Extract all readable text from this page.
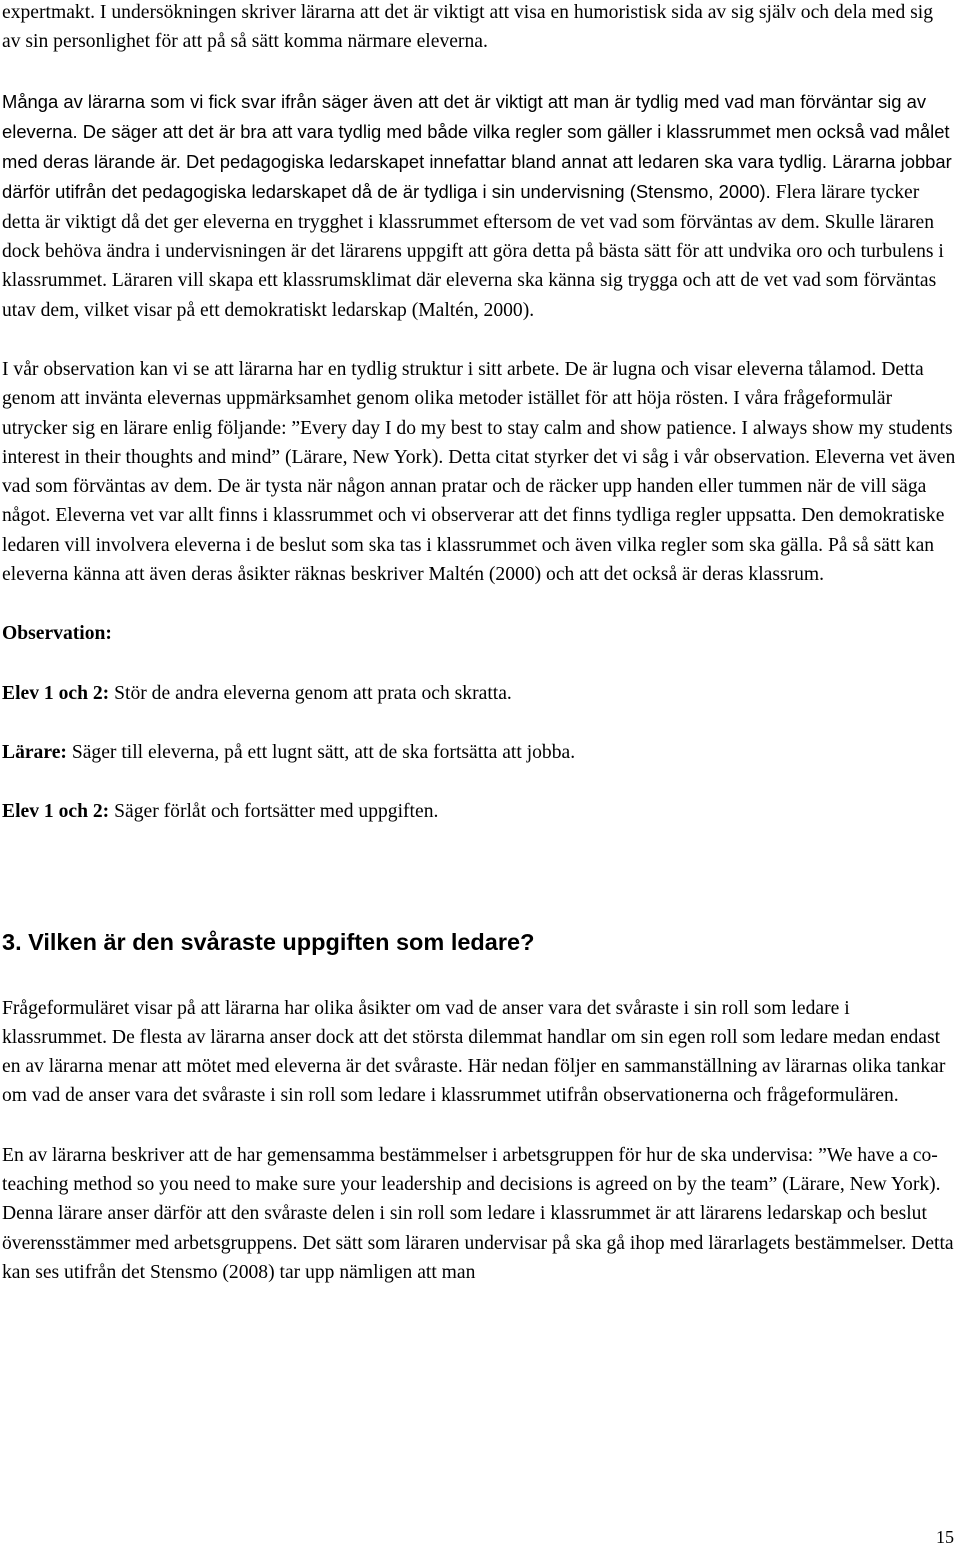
expertmakt. I undersökningen skriver lärarna att det är viktigt att visa en humoristisk sida av sig själv och dela med sig av sin personlighet för att på så sätt komma närmare eleverna.

Många av lärarna som vi fick svar ifrån säger även att det är viktigt att man är tydlig med vad man förväntar sig av eleverna. De säger att det är bra att vara tydlig med både vilka regler som gäller i klassrummet men också vad målet med deras lärande är. Det pedagogiska ledarskapet innefattar bland annat att ledaren ska vara tydlig. Lärarna jobbar därför utifrån det pedagogiska ledarskapet då de är tydliga i sin undervisning (Stensmo, 2000). Flera lärare tycker detta är viktigt då det ger eleverna en trygghet i klassrummet eftersom de vet vad som förväntas av dem. Skulle läraren dock behöva ändra i undervisningen är det lärarens uppgift att göra detta på bästa sätt för att undvika oro och turbulens i klassrummet. Läraren vill skapa ett klassrumsklimat där eleverna ska känna sig trygga och att de vet vad som förväntas utav dem, vilket visar på ett demokratiskt ledarskap (Maltén, 2000).

I vår observation kan vi se att lärarna har en tydlig struktur i sitt arbete. De är lugna och visar eleverna tålamod. Detta genom att invänta elevernas uppmärksamhet genom olika metoder istället för att höja rösten. I våra frågeformulär utrycker sig en lärare enlig följande: ”Every day I do my best to stay calm and show patience. I always show my students interest in their thoughts and mind” (Lärare, New York). Detta citat styrker det vi såg i vår observation. Eleverna vet även vad som förväntas av dem. De är tysta när någon annan pratar och de räcker upp handen eller tummen när de vill säga något. Eleverna vet var allt finns i klassrummet och vi observerar att det finns tydliga regler uppsatta. Den demokratiske ledaren vill involvera eleverna i de beslut som ska tas i klassrummet och även vilka regler som ska gälla. På så sätt kan eleverna känna att även deras åsikter räknas beskriver Maltén (2000) och att det också är deras klassrum.

Observation:

Elev 1 och 2: Stör de andra eleverna genom att prata och skratta.

Lärare: Säger till eleverna, på ett lugnt sätt, att de ska fortsätta att jobba.

Elev 1 och 2: Säger förlåt och fortsätter med uppgiften.

3. Vilken är den svåraste uppgiften som ledare?

Frågeformuläret visar på att lärarna har olika åsikter om vad de anser vara det svåraste i sin roll som ledare i klassrummet. De flesta av lärarna anser dock att det största dilemmat handlar om sin egen roll som ledare medan endast en av lärarna menar att mötet med eleverna är det svåraste. Här nedan följer en sammanställning av lärarnas olika tankar om vad de anser vara det svåraste i sin roll som ledare i klassrummet utifrån observationerna och frågeformulären.

En av lärarna beskriver att de har gemensamma bestämmelser i arbetsgruppen för hur de ska undervisa: ”We have a co-teaching method so you need to make sure your leadership and decisions is agreed on by the team” (Lärare, New York). Denna lärare anser därför att den svåraste delen i sin roll som ledare i klassrummet är att lärarens ledarskap och beslut överensstämmer med arbetsgruppens. Det sätt som läraren undervisar på ska gå ihop med lärarlagets bestämmelser. Detta kan ses utifrån det Stensmo (2008) tar upp nämligen att man

15
